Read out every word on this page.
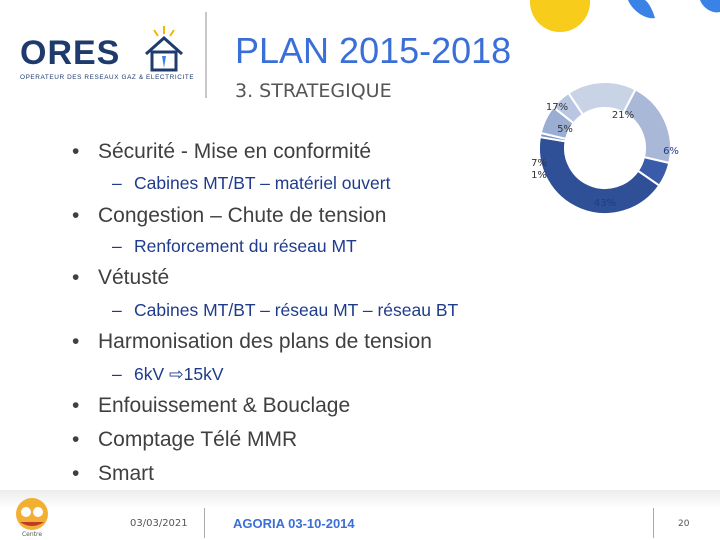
ORES
OPERATEUR DES RESEAUX GAZ & ELECTRICITE
PLAN 2015-2018
3. STRATEGIQUE
17%
21%
6%
43%
1%
7%
5%
• Sécurité - Mise en conformité
– Cabines MT/BT – matériel ouvert
• Congestion – Chute de tension
– Renforcement du réseau MT
• Vétusté
– Cabines MT/BT – réseau MT – réseau BT
• Harmonisation des plans de tension
– 6kV ⇨15kV
• Enfouissement & Bouclage
• Comptage Télé MMR
• Smart
Centre
03/03/2021	AGORIA 03-10-2014	20
